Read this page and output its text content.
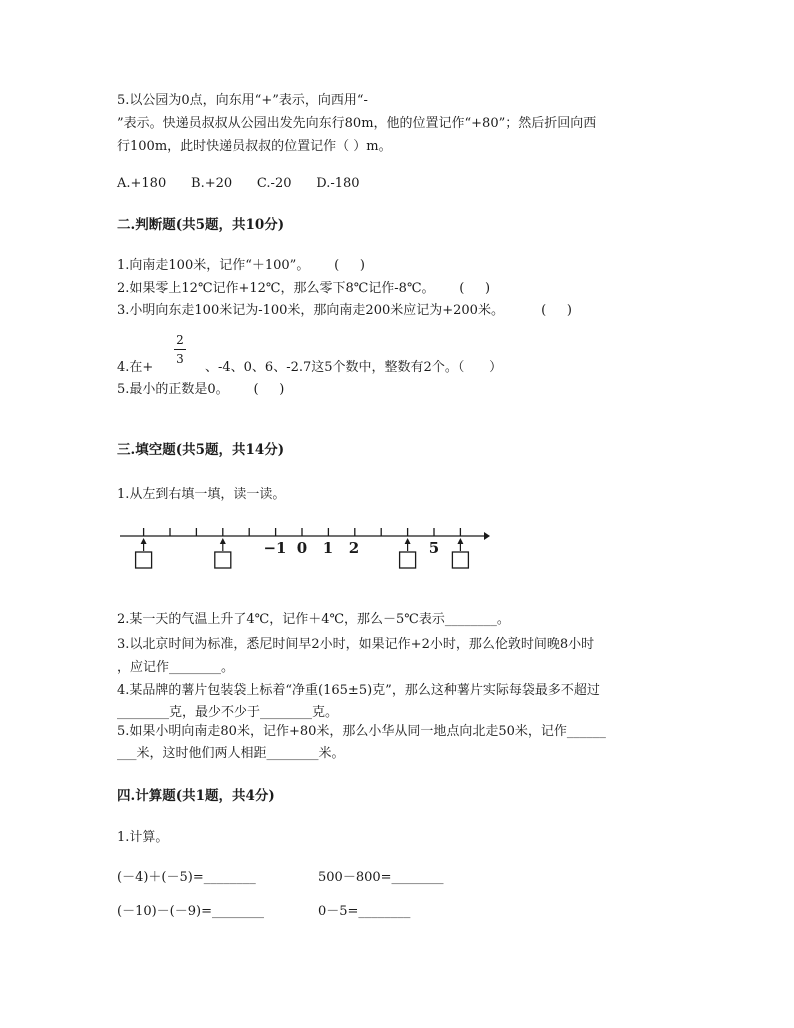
5.以公园为0点，向东用“+”表示，向西用“-
”表示。快递员叔叔从公园出发先向东行80m，他的位置记作“+80”；然后折回向西
行100m，此时快递员叔叔的位置记作（ ）m。
A.+180      B.+20      C.-20      D.-180
二.判断题(共5题，共10分)
1.向南走100米，记作“＋100”。      (     )
2.如果零上12℃记作+12℃，那么零下8℃记作-8℃。      (     )
3.小明向东走100米记为-100米，那向南走200米应记为+200米。         (     )
2
3
4.在+	、-4、0、6、-2.7这5个数中，整数有2个。（      ）
5.最小的正数是0。      (     )
三.填空题(共5题，共14分)
1.从左到右填一填，读一读。
−1 0 1 2	5
2.某一天的气温上升了4℃，记作＋4℃，那么－5℃表示________。
3.以北京时间为标准，悉尼时间早2小时，如果记作+2小时，那么伦敦时间晚8小时
，应记作________。
4.某品牌的薯片包装袋上标着“净重(165±5)克”，那么这种薯片实际每袋最多不超过
________克，最少不少于________克。
5.如果小明向南走80米，记作+80米，那么小华从同一地点向北走50米，记作______
___米，这时他们两人相距________米。
四.计算题(共1题，共4分)
1.计算。
(－4)＋(－5)=________	500－800=________
(－10)－(－9)=________	0－5=________
